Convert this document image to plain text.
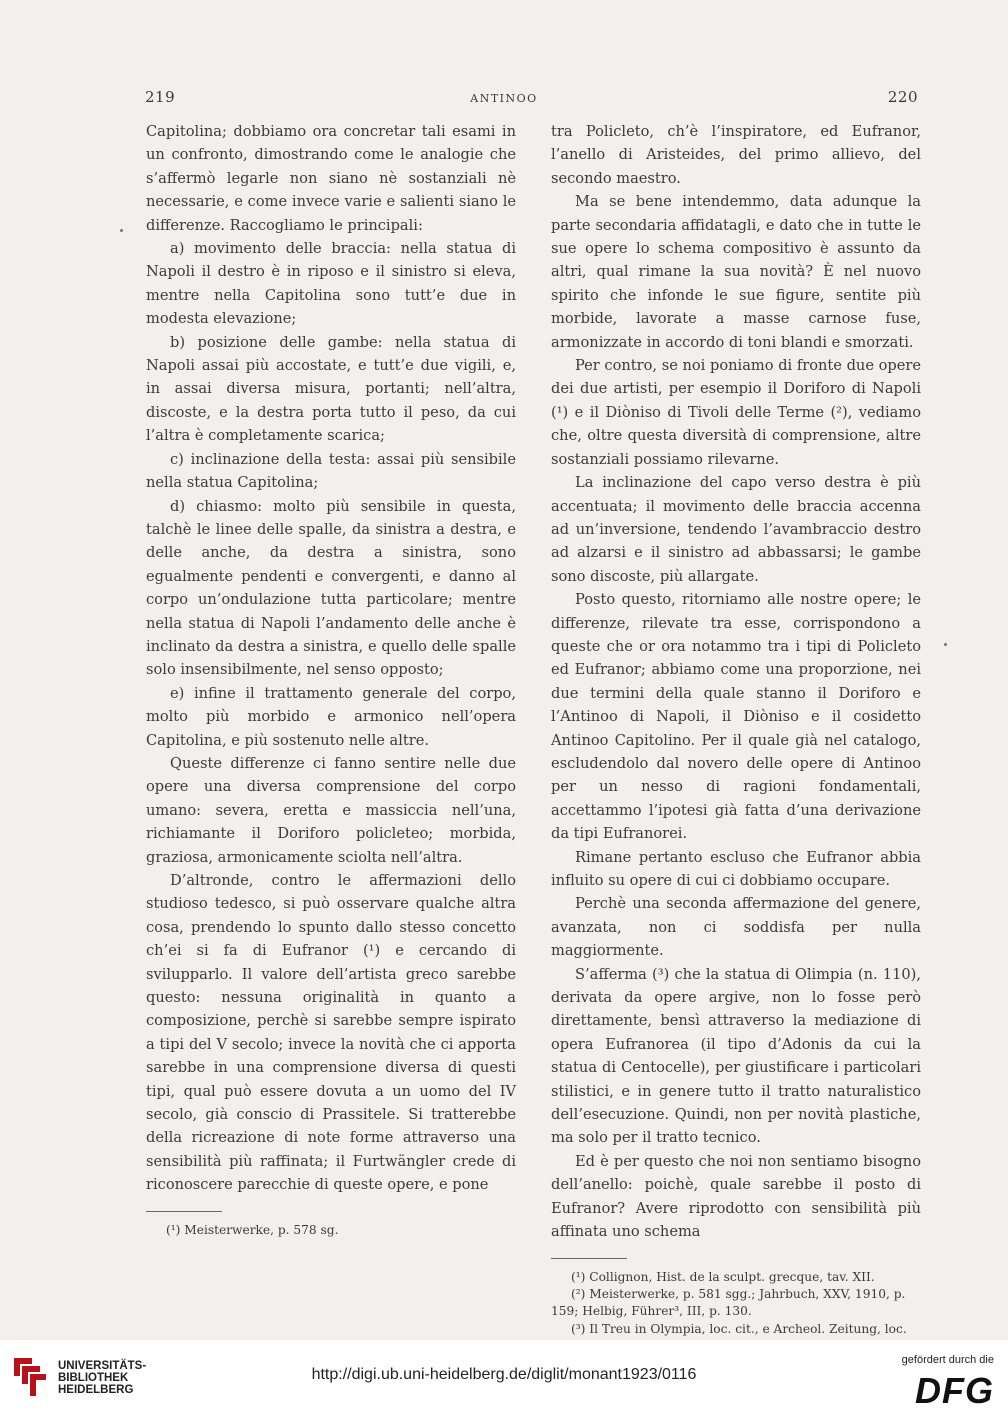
219	ANTINOO	220

Capitolina; dobbiamo ora concretar tali esami in un confronto, dimostrando come le analogie che s’affermò legarle non siano nè sostanziali nè necessarie, e come invece varie e salienti siano le differenze. Raccogliamo le principali:

a) movimento delle braccia: nella statua di Napoli il destro è in riposo e il sinistro si eleva, mentre nella Capitolina sono tutt’e due in modesta elevazione;

b) posizione delle gambe: nella statua di Napoli assai più accostate, e tutt’e due vigili, e, in assai diversa misura, portanti; nell’altra, discoste, e la destra porta tutto il peso, da cui l’altra è completamente scarica;

c) inclinazione della testa: assai più sensibile nella statua Capitolina;

d) chiasmo: molto più sensibile in questa, talchè le linee delle spalle, da sinistra a destra, e delle anche, da destra a sinistra, sono egualmente pendenti e convergenti, e danno al corpo un’ondulazione tutta particolare; mentre nella statua di Napoli l’andamento delle anche è inclinato da destra a sinistra, e quello delle spalle solo insensibilmente, nel senso opposto;

e) infine il trattamento generale del corpo, molto più morbido e armonico nell’opera Capitolina, e più sostenuto nelle altre.

Queste differenze ci fanno sentire nelle due opere una diversa comprensione del corpo umano: severa, eretta e massiccia nell’una, richiamante il Doriforo policleteo; morbida, graziosa, armonicamente sciolta nell’altra.

D’altronde, contro le affermazioni dello studioso tedesco, si può osservare qualche altra cosa, prendendo lo spunto dallo stesso concetto ch’ei si fa di Eufranor (¹) e cercando di svilupparlo. Il valore dell’artista greco sarebbe questo: nessuna originalità in quanto a composizione, perchè si sarebbe sempre ispirato a tipi del V secolo; invece la novità che ci apporta sarebbe in una comprensione diversa di questi tipi, qual può essere dovuta a un uomo del IV secolo, già conscio di Prassitele. Si tratterebbe della ricreazione di note forme attraverso una sensibilità più raffinata; il Furtwängler crede di riconoscere parecchie di queste opere, e pone

(¹) Meisterwerke, p. 578 sg.

tra Policleto, ch’è l’inspiratore, ed Eufranor, l’anello di Aristeides, del primo allievo, del secondo maestro.

Ma se bene intendemmo, data adunque la parte secondaria affidatagli, e dato che in tutte le sue opere lo schema compositivo è assunto da altri, qual rimane la sua novità? È nel nuovo spirito che infonde le sue figure, sentite più morbide, lavorate a masse carnose fuse, armonizzate in accordo di toni blandi e smorzati.

Per contro, se noi poniamo di fronte due opere dei due artisti, per esempio il Doriforo di Napoli (¹) e il Diòniso di Tivoli delle Terme (²), vediamo che, oltre questa diversità di comprensione, altre sostanziali possiamo rilevarne.

La inclinazione del capo verso destra è più accentuata; il movimento delle braccia accenna ad un’inversione, tendendo l’avambraccio destro ad alzarsi e il sinistro ad abbassarsi; le gambe sono discoste, più allargate.

Posto questo, ritorniamo alle nostre opere; le differenze, rilevate tra esse, corrispondono a queste che or ora notammo tra i tipi di Policleto ed Eufranor; abbiamo come una proporzione, nei due termini della quale stanno il Doriforo e l’Antinoo di Napoli, il Diòniso e il cosidetto Antinoo Capitolino. Per il quale già nel catalogo, escludendolo dal novero delle opere di Antinoo per un nesso di ragioni fondamentali, accettammo l’ipotesi già fatta d’una derivazione da tipi Eufranorei.

Rimane pertanto escluso che Eufranor abbia influito su opere di cui ci dobbiamo occupare.

Perchè una seconda affermazione del genere, avanzata, non ci soddisfa per nulla maggiormente.

S’afferma (³) che la statua di Olimpia (n. 110), derivata da opere argive, non lo fosse però direttamente, bensì attraverso la mediazione di opera Eufranorea (il tipo d’Adonis da cui la statua di Centocelle), per giustificare i particolari stilistici, e in genere tutto il tratto naturalistico dell’esecuzione. Quindi, non per novità plastiche, ma solo per il tratto tecnico.

Ed è per questo che noi non sentiamo bisogno dell’anello: poichè, quale sarebbe il posto di Eufranor? Avere riprodotto con sensibilità più affinata uno schema

(¹) Collignon, Hist. de la sculpt. grecque, tav. XII.
(²) Meisterwerke, p. 581 sgg.; Jahrbuch, XXV, 1910, p. 159; Helbig, Führer³, III, p. 130.
(³) Il Treu in Olympia, loc. cit., e Archeol. Zeitung, loc.
UNIVERSITÄTS-
BIBLIOTHEK
HEIDELBERG
http://digi.ub.uni-heidelberg.de/diglit/monant1923/0116
gefördert durch die
DFG
